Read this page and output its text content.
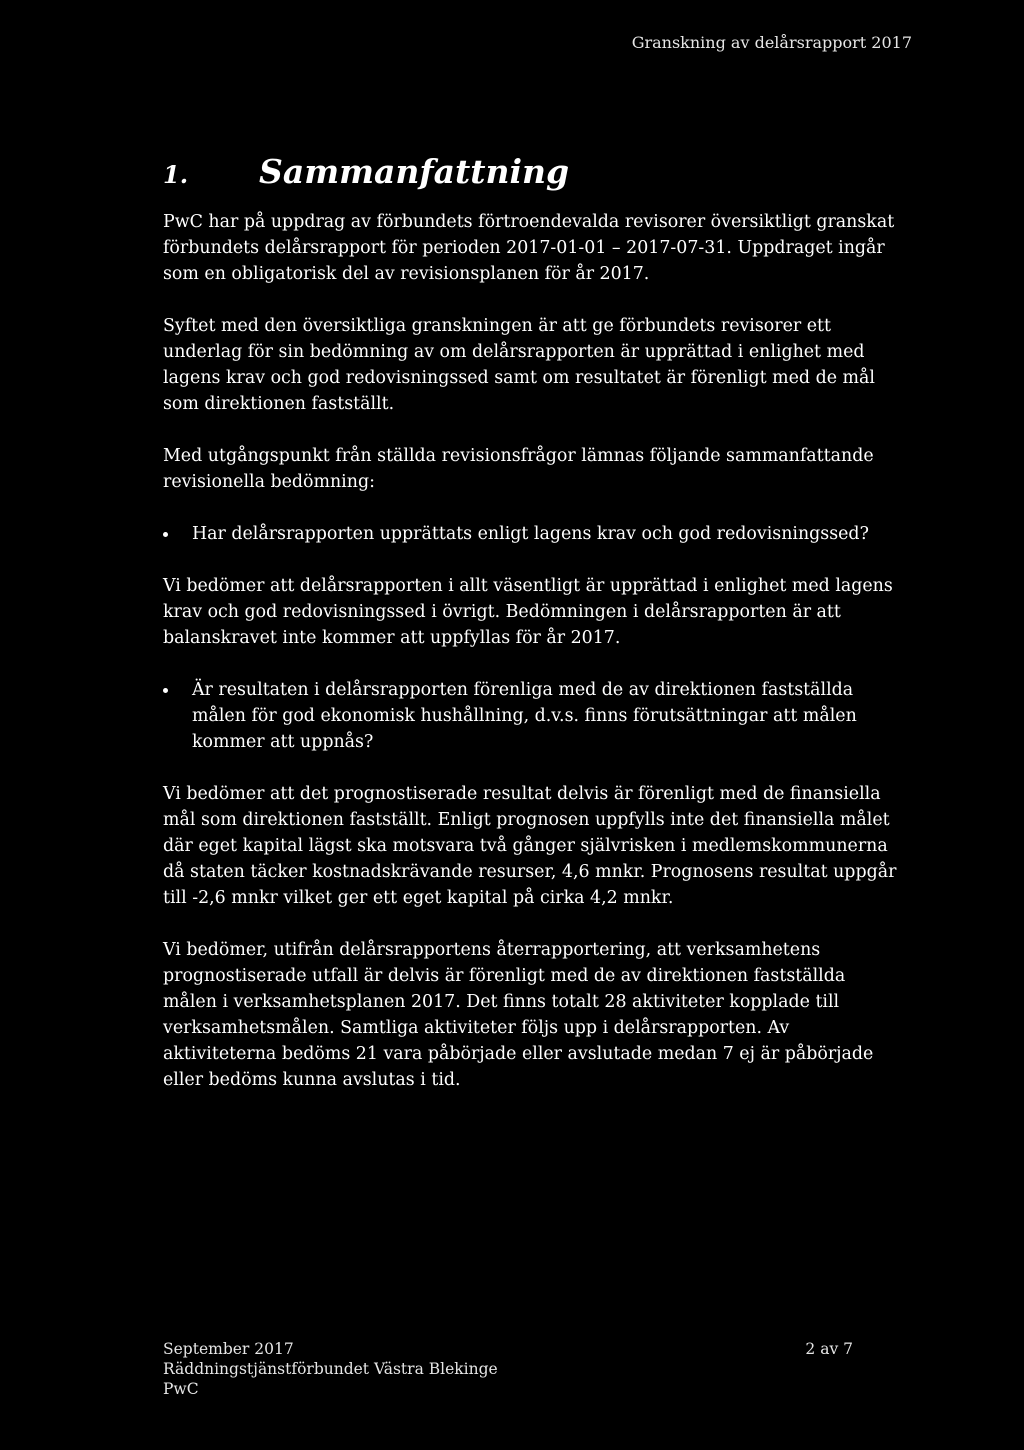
Granskning av delårsrapport 2017
1. Sammanfattning

PwC har på uppdrag av förbundets förtroendevalda revisorer översiktligt granskat förbundets delårsrapport för perioden 2017-01-01 – 2017-07-31. Uppdraget ingår som en obligatorisk del av revisionsplanen för år 2017.

Syftet med den översiktliga granskningen är att ge förbundets revisorer ett underlag för sin bedömning av om delårsrapporten är upprättad i enlighet med lagens krav och god redovisningssed samt om resultatet är förenligt med de mål som direktionen fastställt.

Med utgångspunkt från ställda revisionsfrågor lämnas följande sammanfattande revisionella bedömning:

Har delårsrapporten upprättats enligt lagens krav och god redovisningssed?

Vi bedömer att delårsrapporten i allt väsentligt är upprättad i enlighet med lagens krav och god redovisningssed i övrigt. Bedömningen i delårsrapporten är att balanskravet inte kommer att uppfyllas för år 2017.

Är resultaten i delårsrapporten förenliga med de av direktionen fastställda målen för god ekonomisk hushållning, d.v.s. finns förutsättningar att målen kommer att uppnås?

Vi bedömer att det prognostiserade resultat delvis är förenligt med de finansiella mål som direktionen fastställt. Enligt prognosen uppfylls inte det finansiella målet där eget kapital lägst ska motsvara två gånger självrisken i medlemskommunerna då staten täcker kostnadskrävande resurser, 4,6 mnkr. Prognosens resultat uppgår till -2,6 mnkr vilket ger ett eget kapital på cirka 4,2 mnkr.

Vi bedömer, utifrån delårsrapportens återrapportering, att verksamhetens prognostiserade utfall är delvis är förenligt med de av direktionen fastställda målen i verksamhetsplanen 2017. Det finns totalt 28 aktiviteter kopplade till verksamhetsmålen. Samtliga aktiviteter följs upp i delårsrapporten. Av aktiviteterna bedöms 21 vara påbörjade eller avslutade medan 7 ej är påbörjade eller bedöms kunna avslutas i tid.

September 2017
Räddningstjänstförbundet Västra Blekinge
PwC
2 av 7
